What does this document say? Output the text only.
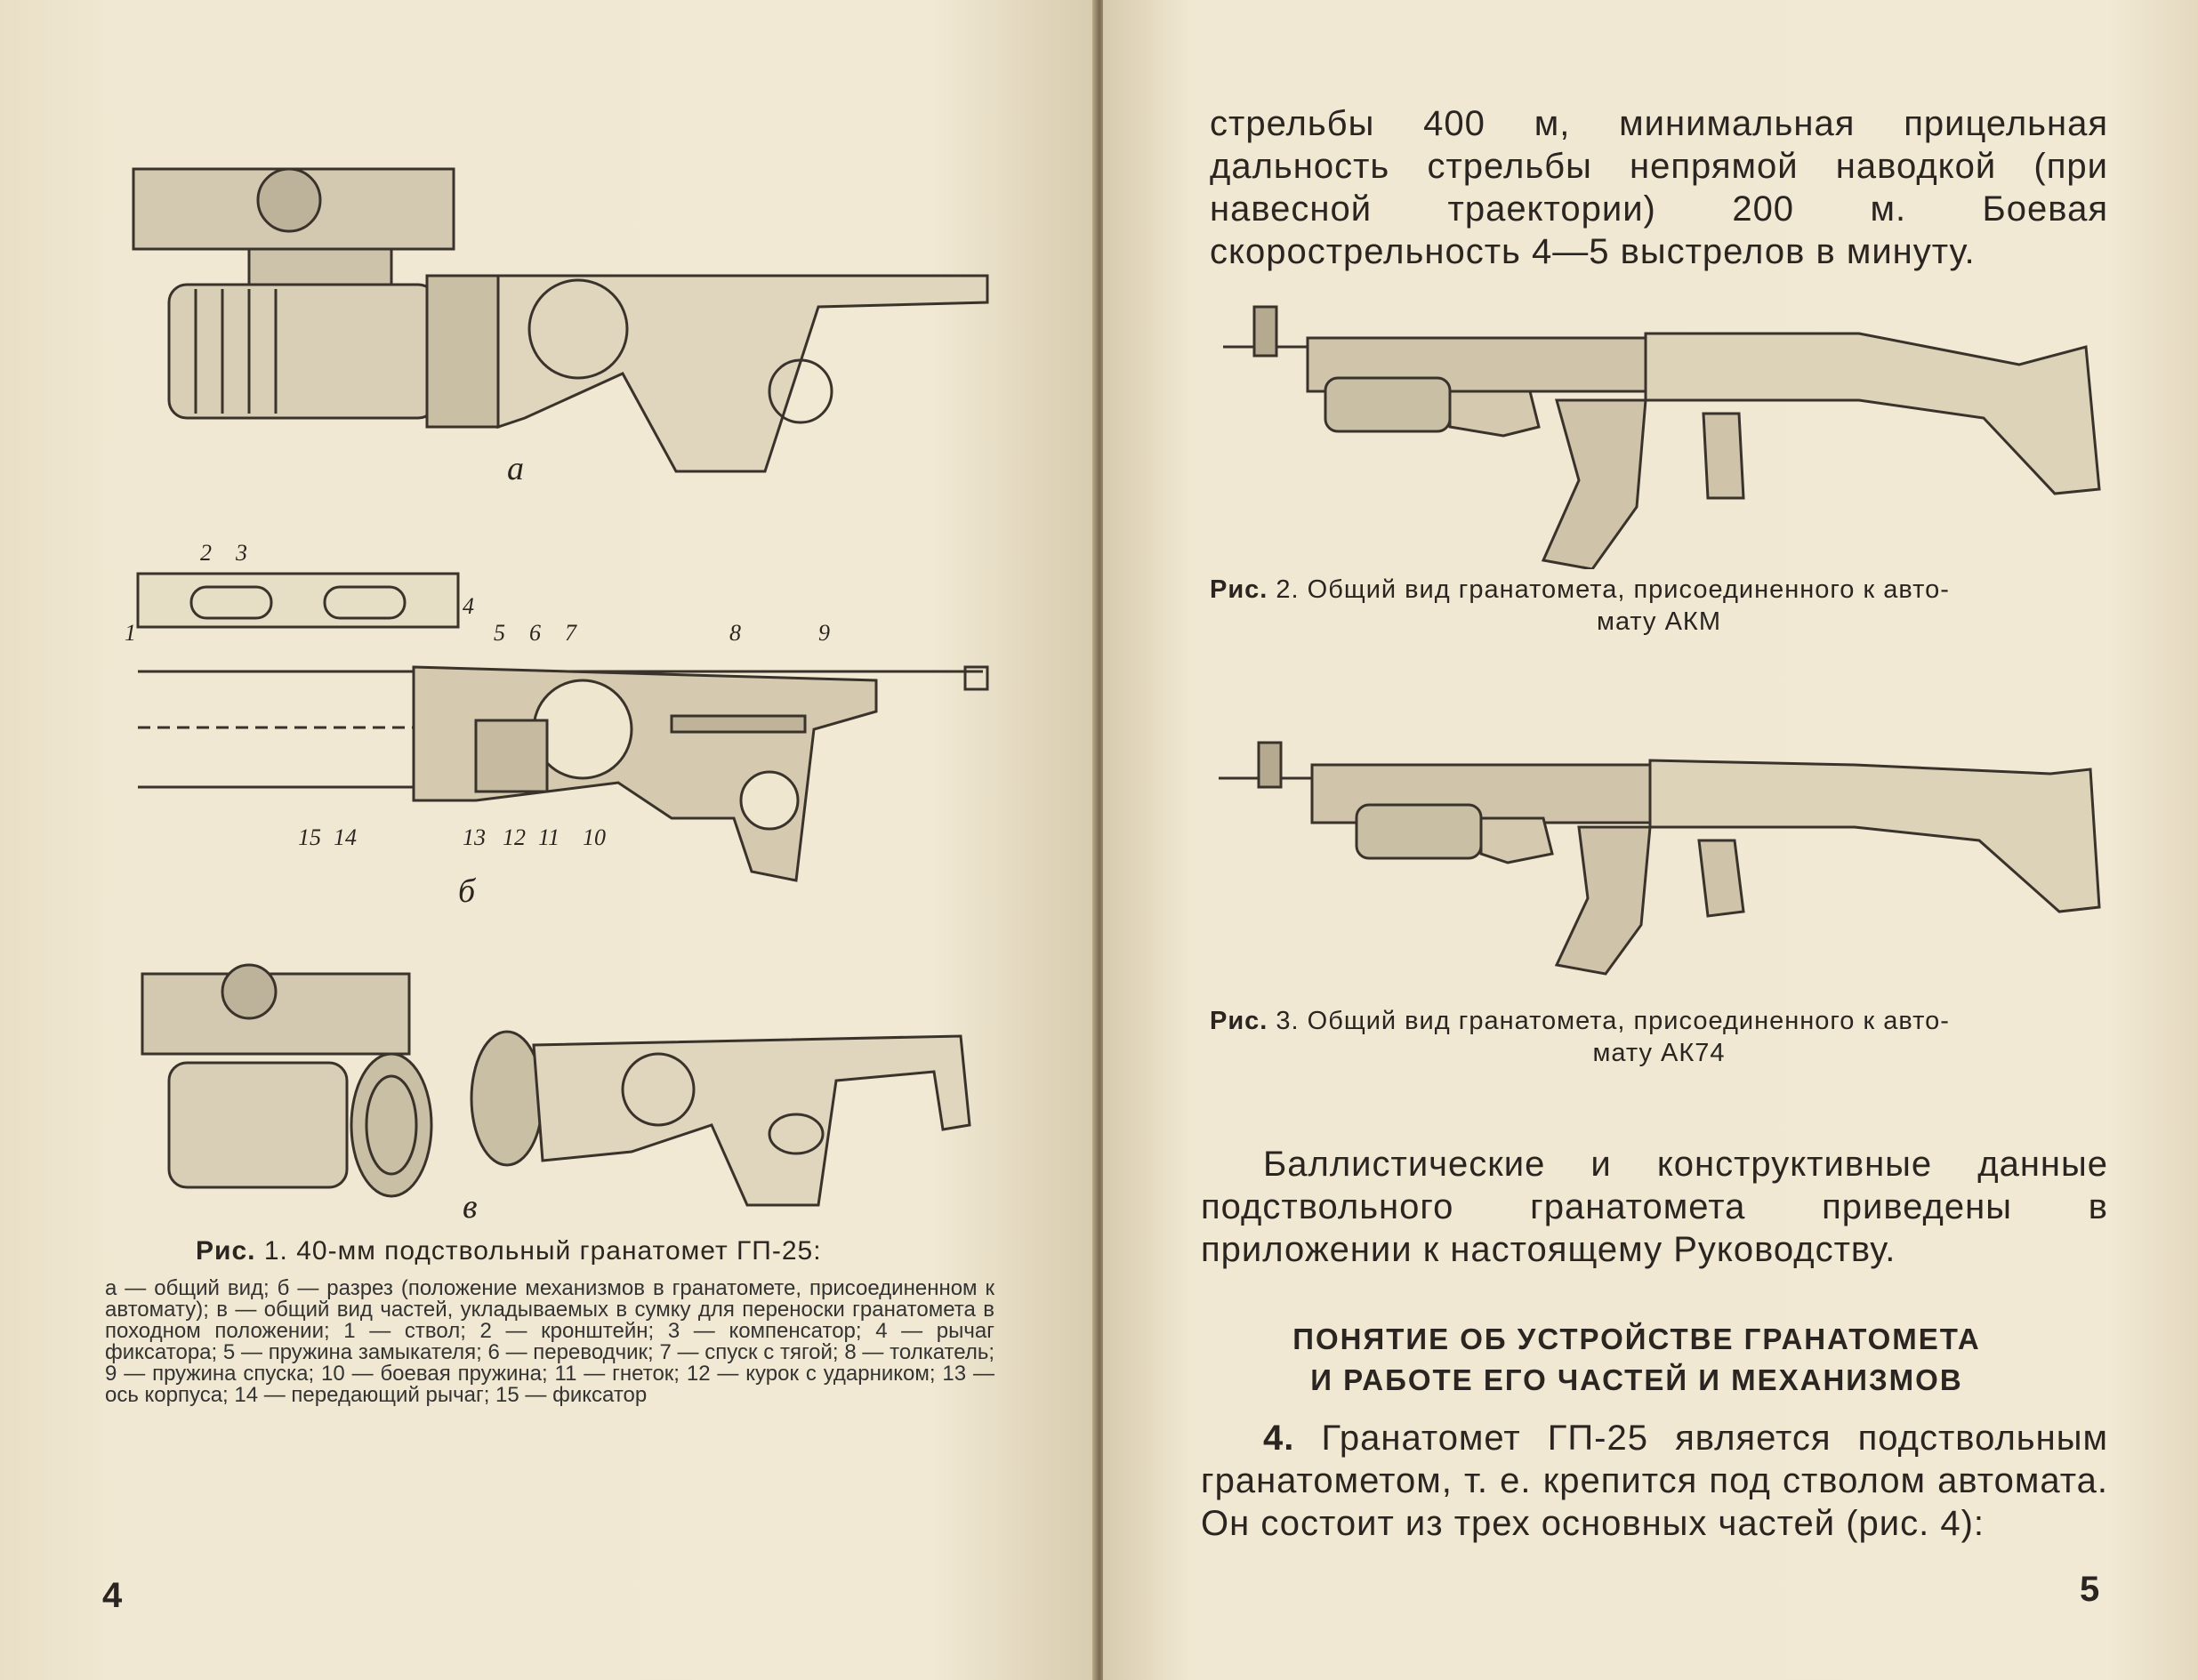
а
2 3
4
5 6 7	8	9
15 14	13 12 11 10
1
б
в
Рис. 1. 40-мм подствольный гранатомет ГП-25:
а — общий вид; б — разрез (положение механизмов в гранатомете, присоединенном к автомату); в — общий вид частей, укладываемых в сумку для переноски гранатомета в походном положении; 1 — ствол; 2 — кронштейн; 3 — компенсатор; 4 — рычаг фиксатора; 5 — пружина замыкателя; 6 — переводчик; 7 — спуск с тягой; 8 — толкатель; 9 — пружина спуска; 10 — боевая пружина; 11 — гнеток; 12 — курок с ударником; 13 — ось корпуса; 14 — передающий рычаг; 15 — фиксатор
4
стрельбы 400 м, минимальная прицельная дальность стрельбы непрямой наводкой (при навесной траектории) 200 м. Боевая скорострельность 4—5 выстрелов в минуту.
Рис. 2. Общий вид гранатомета, присоединенного к авто-
мату АКМ
Рис. 3. Общий вид гранатомета, присоединенного к авто-
мату АК74
Баллистические и конструктивные данные подствольного гранатомета приведены в приложении к настоящему Руководству.
ПОНЯТИЕ ОБ УСТРОЙСТВЕ ГРАНАТОМЕТА
И РАБОТЕ ЕГО ЧАСТЕЙ И МЕХАНИЗМОВ
4. Гранатомет ГП-25 является подствольным гранатометом, т. е. крепится под стволом автомата. Он состоит из трех основных частей (рис. 4):
5
